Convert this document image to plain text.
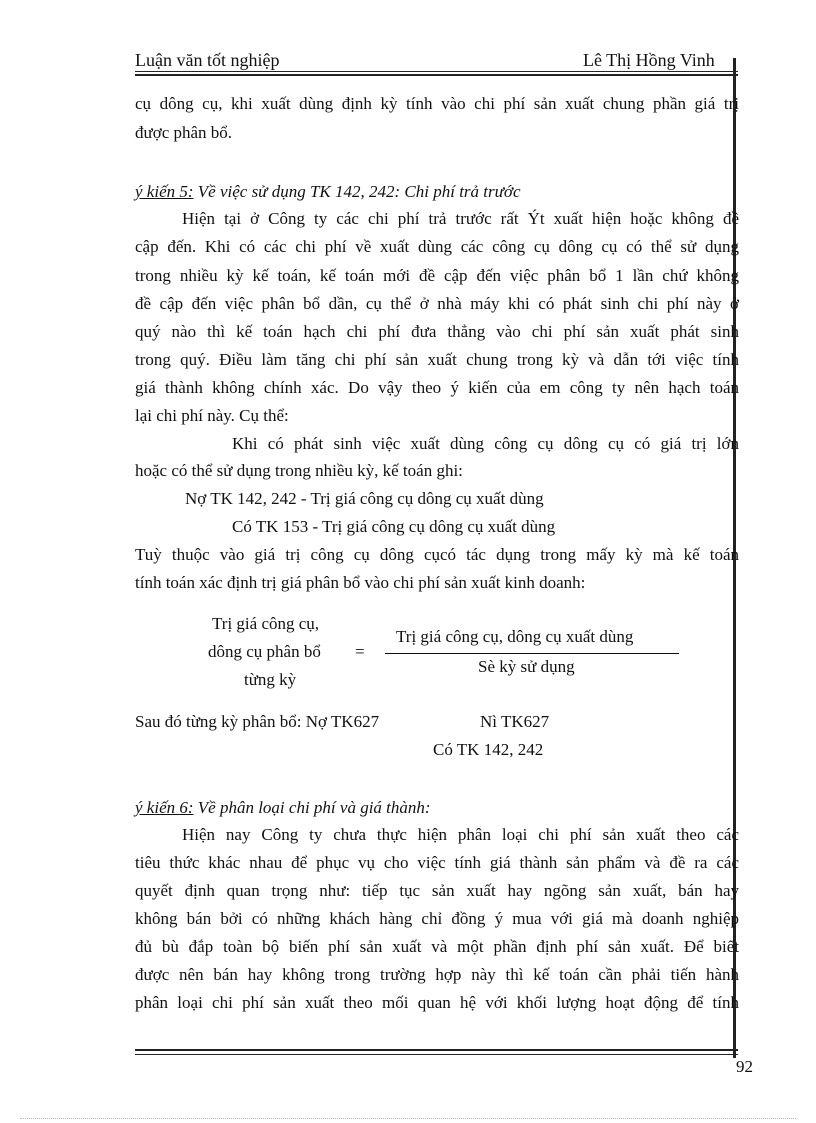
Luận văn tốt nghiệp	Lê Thị Hồng Vinh
cụ dông cụ, khi xuất dùng định kỳ tính vào chi phí sản xuất chung phần giá trị
được phân bổ.
ý kiến 5: Về việc sử dụng TK 142, 242: Chi phí trả trước
Hiện tại ở Công ty các chi phí trả trước rất Ýt xuất hiện hoặc không đề
cập đến. Khi có các chi phí về xuất dùng các công cụ dông cụ có thể sử dụng
trong nhiều kỳ kế toán, kế toán mới đề cập đến việc phân bổ 1 lần chứ không
đề cập đến việc phân bổ dần, cụ thể ở nhà máy khi có phát sinh chi phí này ở
quý nào thì kế toán hạch chi phí đưa thẳng vào chi phí sản xuất phát sinh
trong quý. Điều làm tăng chi phí sản xuất chung trong kỳ và dẫn tới việc tính
giá thành không chính xác. Do vậy theo ý kiến của em công ty nên hạch toán
lại chi phí này. Cụ thể:
Khi có phát sinh việc xuất dùng công cụ dông cụ có giá trị lớn
hoặc có thể sử dụng trong nhiều kỳ, kế toán ghi:
Nợ TK 142, 242 - Trị giá công cụ dông cụ xuất dùng
Có TK 153 - Trị giá công cụ dông cụ xuất dùng
Tuỳ thuộc vào giá trị công cụ dông cụcó tác dụng trong mấy kỳ mà kế toán
tính toán xác định trị giá phân bổ vào chi phí sản xuất kinh doanh:
Trị giá công cụ,
dông cụ phân bổ
từng kỳ
=
Trị giá công cụ, dông cụ xuất dùng
Sè kỳ sử dụng
Sau đó từng kỳ phân bổ: Nợ TK627	Nì TK627
Có TK 142, 242
ý kiến 6: Về phân loại chi phí và giá thành:
Hiện nay Công ty chưa thực hiện phân loại chi phí sản xuất theo các
tiêu thức khác nhau để phục vụ cho việc tính giá thành sản phẩm và đề ra các
quyết định quan trọng như: tiếp tục sản xuất hay ngõng sản xuất, bán hay
không bán bởi có những khách hàng chỉ đồng ý mua với giá mà doanh nghiệp
đủ bù đắp toàn bộ biến phí sản xuất và một phần định phí sản xuất. Để biết
được nên bán hay không trong trường hợp này thì kế toán cần phải tiến hành
phân loại chi phí sản xuất theo mối quan hệ với khối lượng hoạt động để tính
92
